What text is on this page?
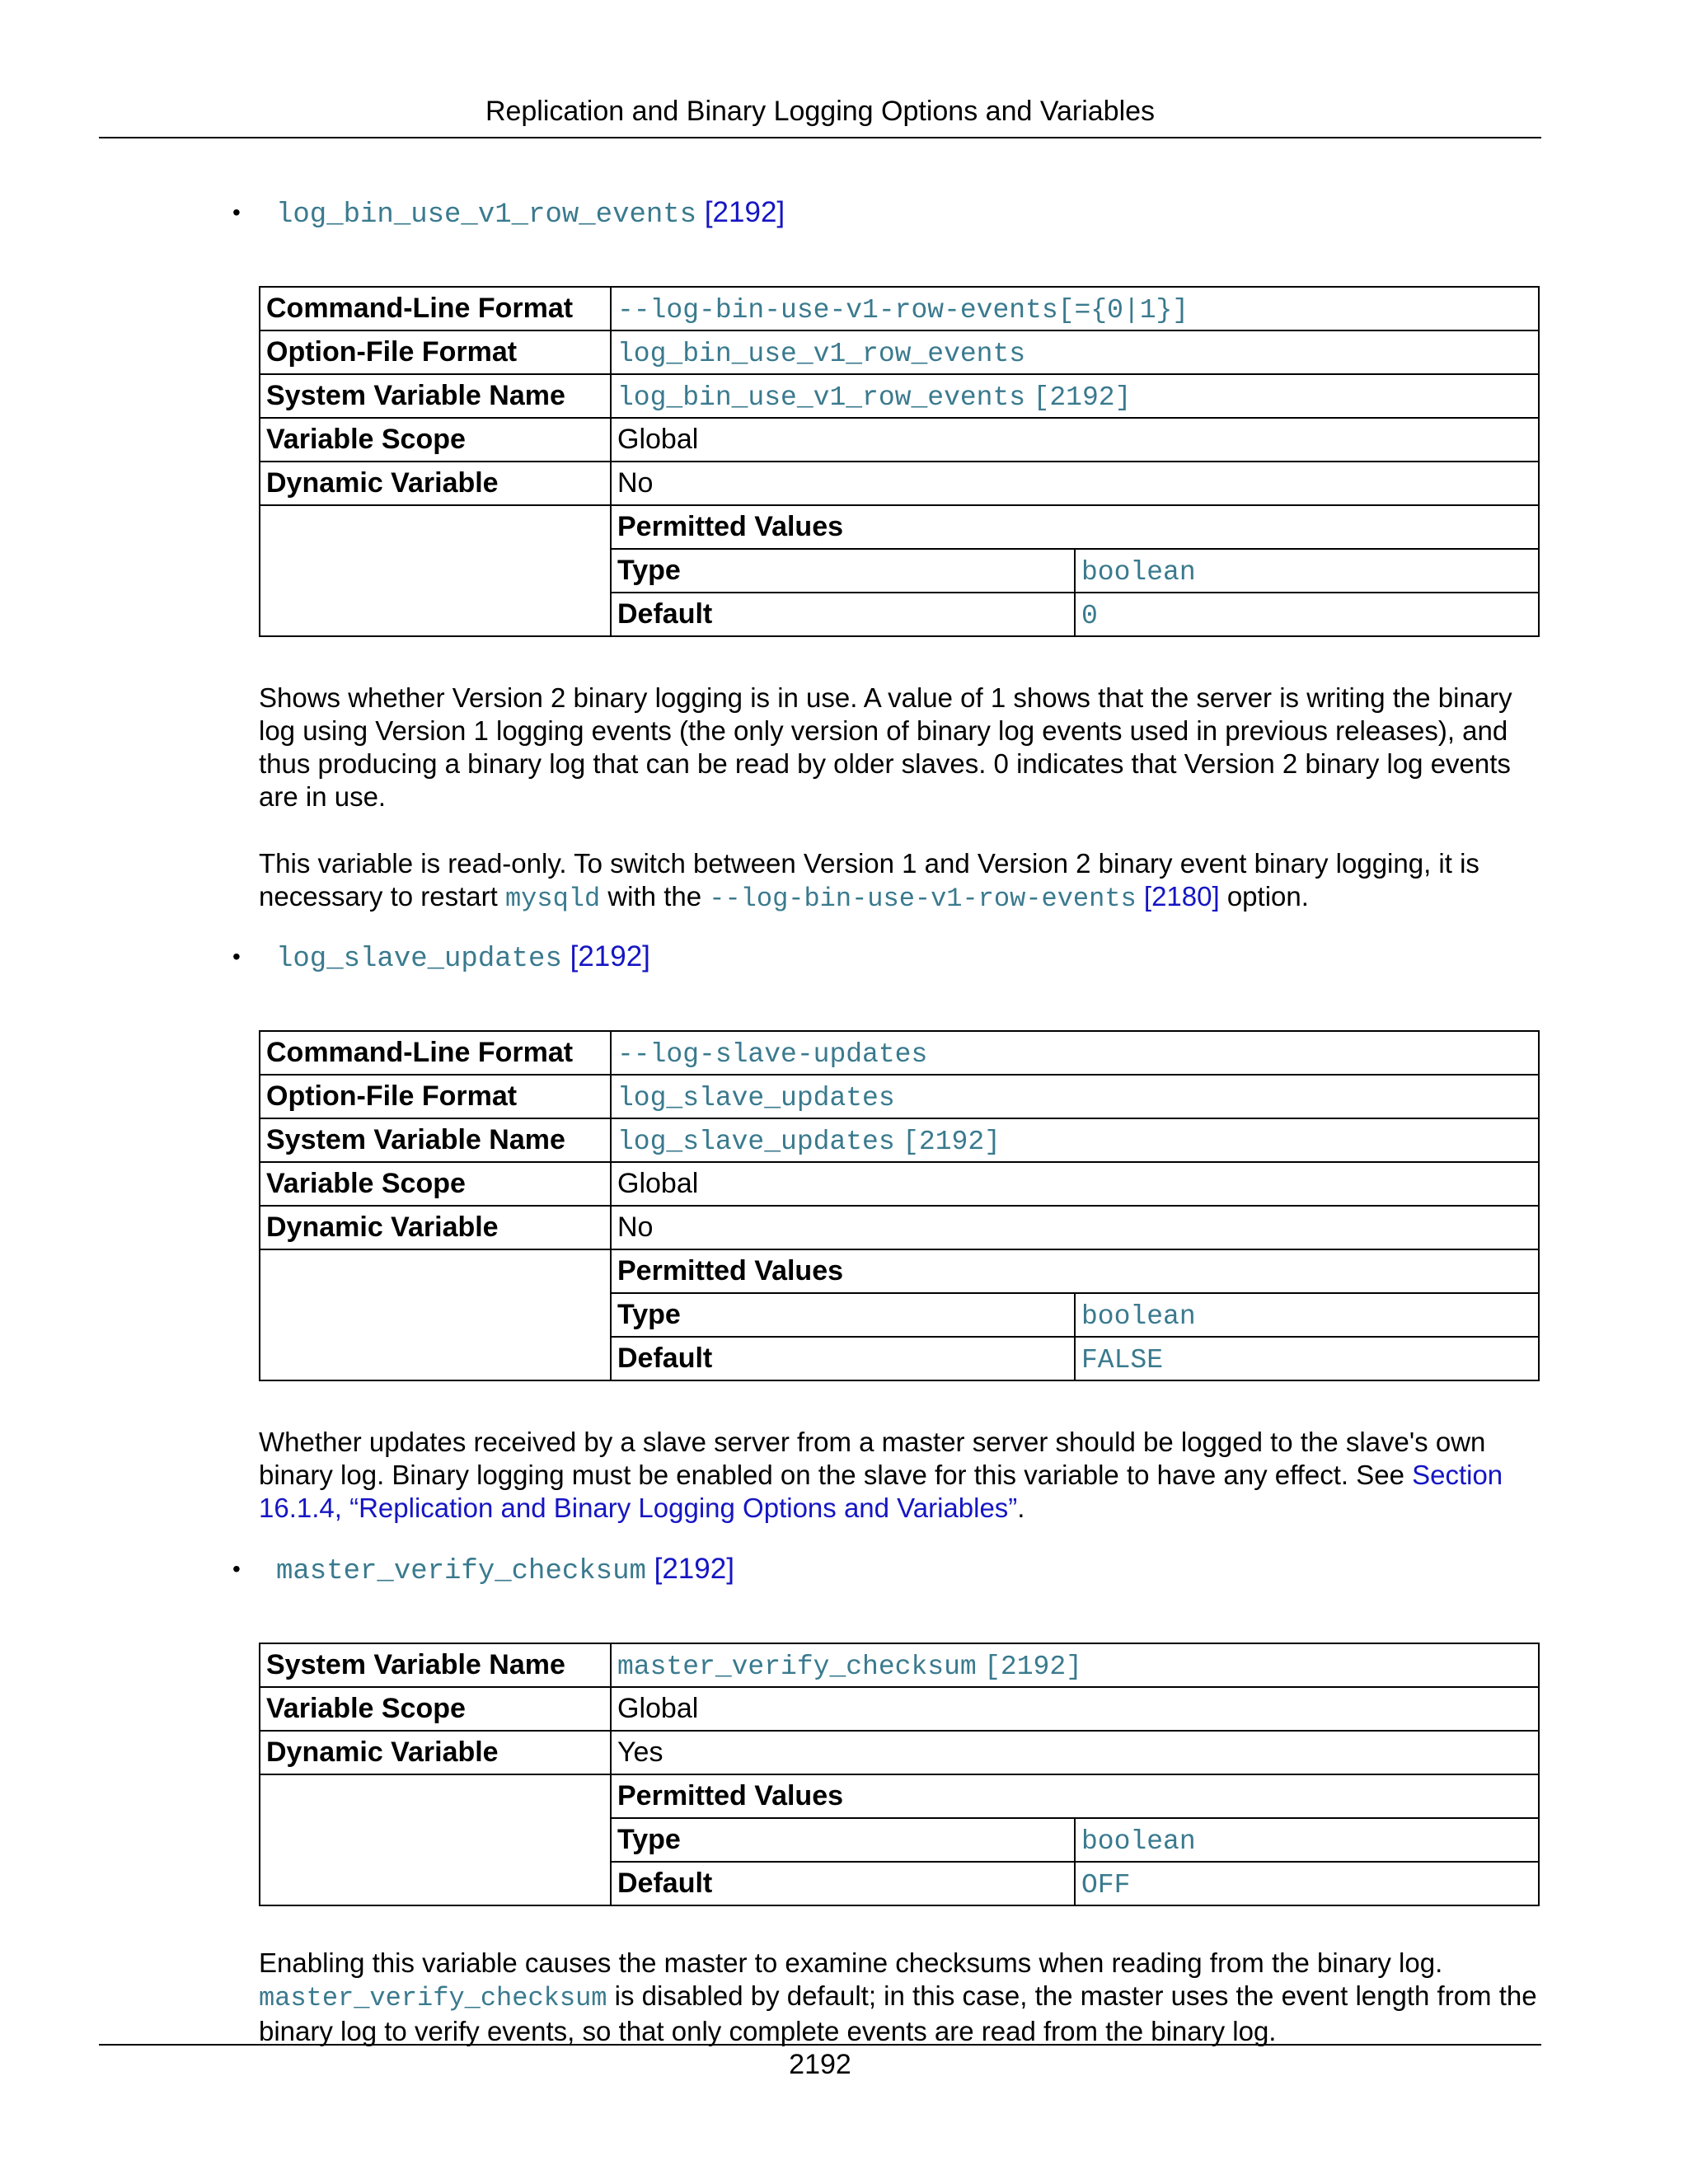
Replication and Binary Logging Options and Variables
• log_bin_use_v1_row_events [2192]
Command-Line Format	--log-bin-use-v1-row-events[={0|1}]
Option-File Format	log_bin_use_v1_row_events
System Variable Name	log_bin_use_v1_row_events [2192]
Variable Scope	Global
Dynamic Variable	No

Permitted Values
Type	boolean
Default	0

Shows whether Version 2 binary logging is in use. A value of 1 shows that the server is writing the binary log using Version 1 logging events (the only version of binary log events used in previous releases), and thus producing a binary log that can be read by older slaves. 0 indicates that Version 2 binary log events are in use.

This variable is read-only. To switch between Version 1 and Version 2 binary event binary logging, it is necessary to restart mysqld with the --log-bin-use-v1-row-events [2180] option.

• log_slave_updates [2192]
Command-Line Format	--log-slave-updates
Option-File Format	log_slave_updates
System Variable Name	log_slave_updates [2192]
Variable Scope	Global
Dynamic Variable	No

Permitted Values
Type	boolean
Default	FALSE

Whether updates received by a slave server from a master server should be logged to the slave's own binary log. Binary logging must be enabled on the slave for this variable to have any effect. See Section 16.1.4, “Replication and Binary Logging Options and Variables”.

• master_verify_checksum [2192]
System Variable Name	master_verify_checksum [2192]
Variable Scope	Global
Dynamic Variable	Yes

Permitted Values
Type	boolean
Default	OFF

Enabling this variable causes the master to examine checksums when reading from the binary log. master_verify_checksum is disabled by default; in this case, the master uses the event length from the binary log to verify events, so that only complete events are read from the binary log.

2192
